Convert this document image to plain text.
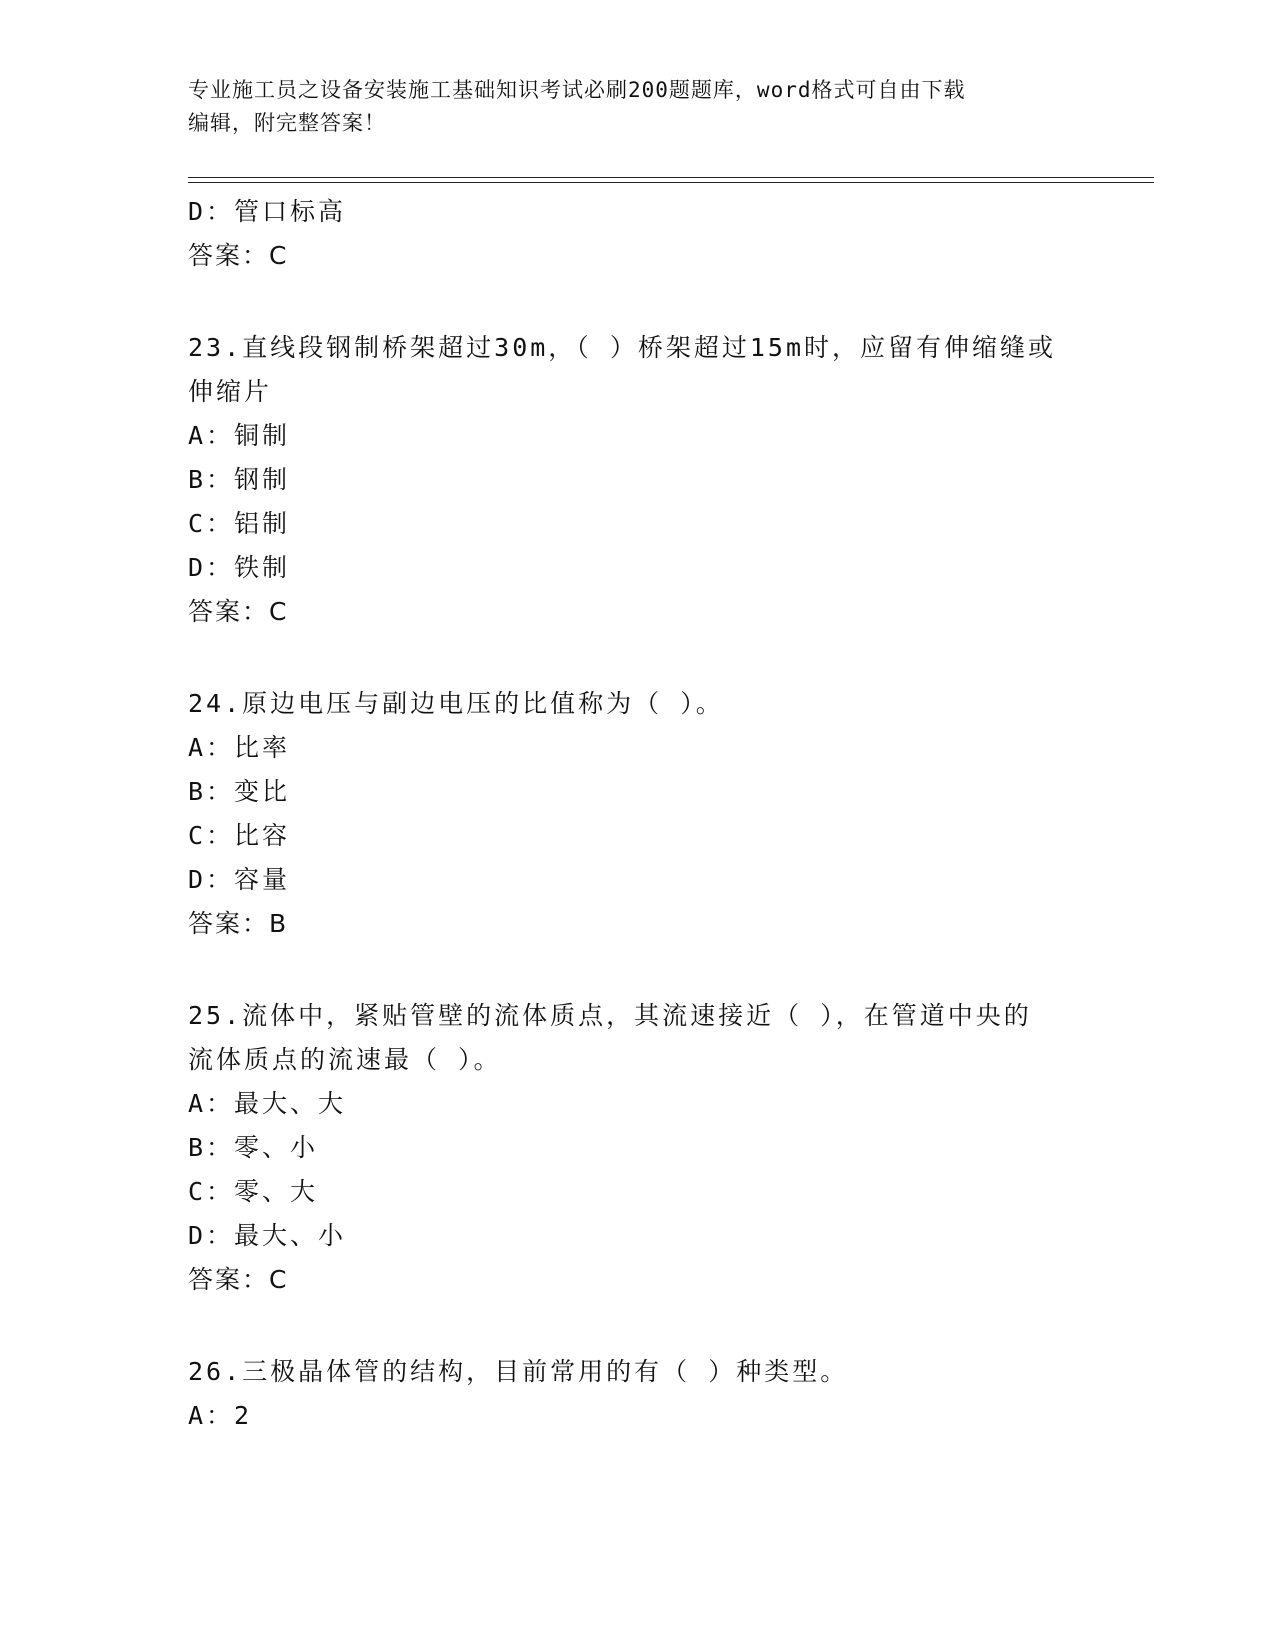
专业施工员之设备安装施工基础知识考试必刷200题题库，word格式可自由下载
编辑，附完整答案！
D：管口标高
答案：C
23.直线段钢制桥架超过30m，（ ）桥架超过15m时，应留有伸缩缝或
伸缩片
A：铜制
B：钢制
C：铝制
D：铁制
答案：C
24.原边电压与副边电压的比值称为（ ）。
A：比率
B：变比
C：比容
D：容量
答案：B
25.流体中，紧贴管壁的流体质点，其流速接近（ ），在管道中央的
流体质点的流速最（ ）。
A：最大、大
B：零、小
C：零、大
D：最大、小
答案：C
26.三极晶体管的结构，目前常用的有（ ）种类型。
A：2
